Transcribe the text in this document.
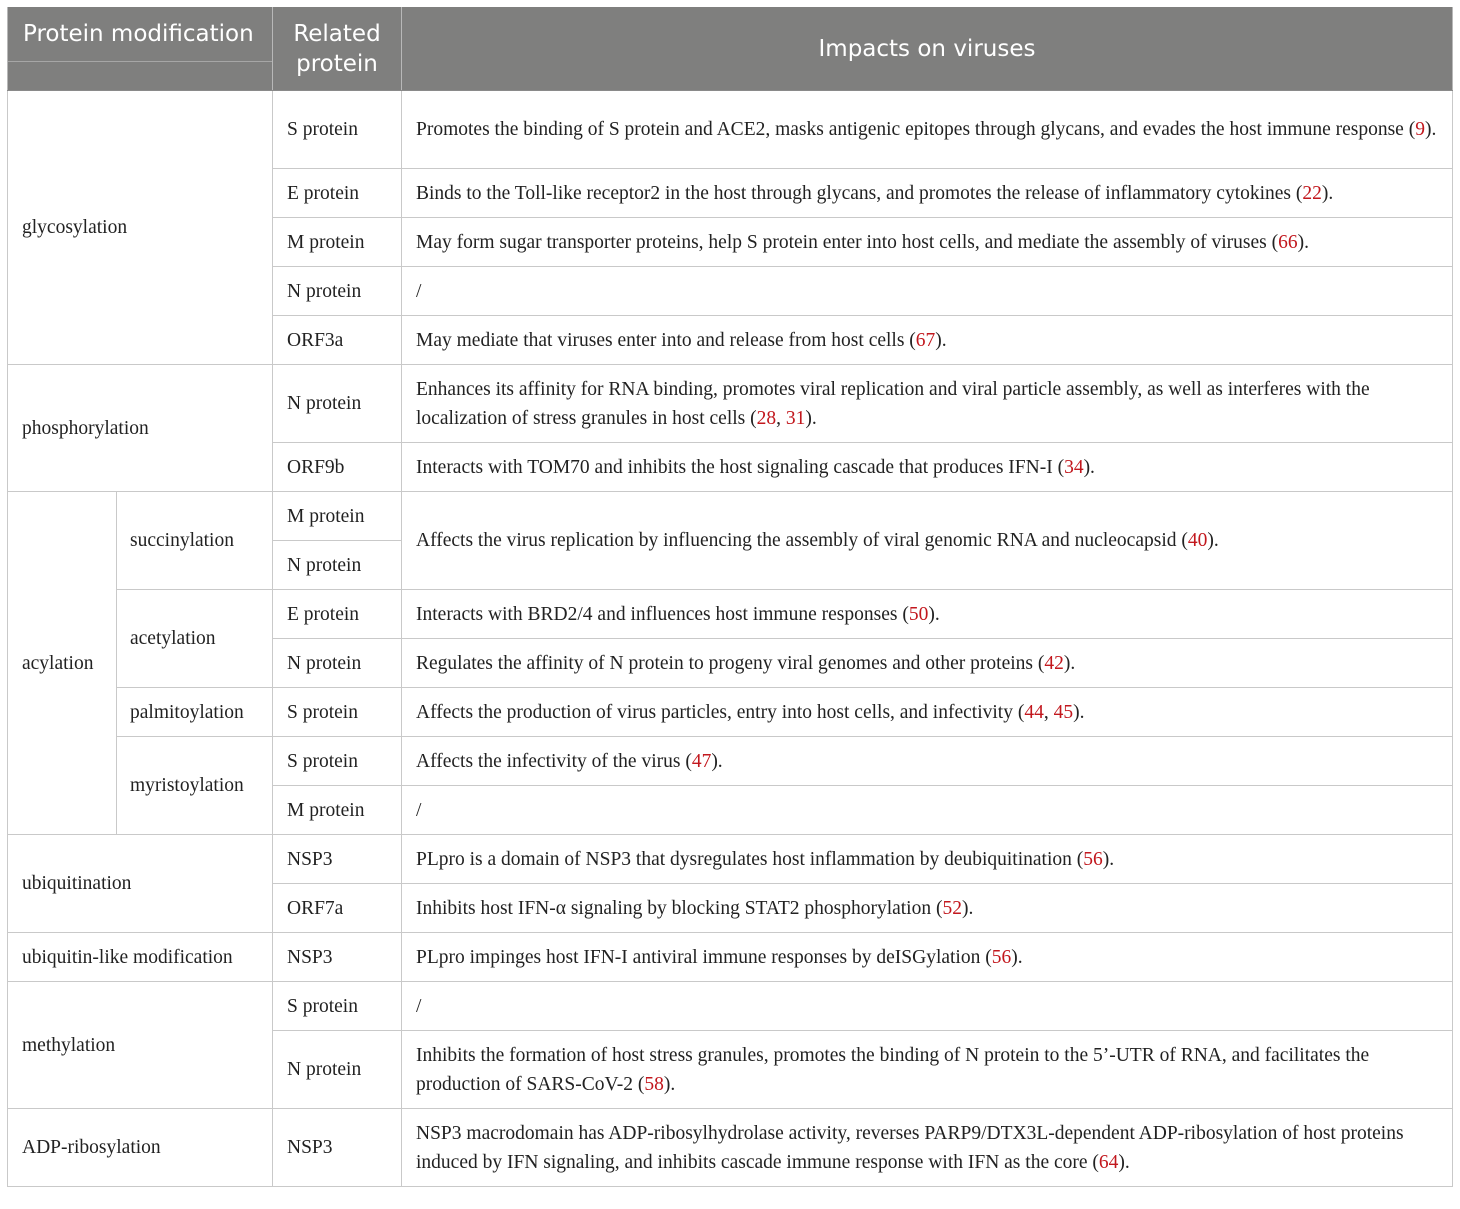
Protein modification		Related protein	Impacts on viruses
glycosylation		S protein	Promotes the binding of S protein and ACE2, masks antigenic epitopes through glycans, and evades the host immune response (9).
		E protein	Binds to the Toll-like receptor2 in the host through glycans, and promotes the release of inflammatory cytokines (22).
		M protein	May form sugar transporter proteins, help S protein enter into host cells, and mediate the assembly of viruses (66).
		N protein	/
		ORF3a	May mediate that viruses enter into and release from host cells (67).
phosphorylation		N protein	Enhances its affinity for RNA binding, promotes viral replication and viral particle assembly, as well as interferes with the localization of stress granules in host cells (28, 31).
		ORF9b	Interacts with TOM70 and inhibits the host signaling cascade that produces IFN-I (34).
acylation	succinylation	M protein	Affects the virus replication by influencing the assembly of viral genomic RNA and nucleocapsid (40).
		N protein	
	acetylation	E protein	Interacts with BRD2/4 and influences host immune responses (50).
		N protein	Regulates the affinity of N protein to progeny viral genomes and other proteins (42).
	palmitoylation	S protein	Affects the production of virus particles, entry into host cells, and infectivity (44, 45).
	myristoylation	S protein	Affects the infectivity of the virus (47).
		M protein	/
ubiquitination		NSP3	PLpro is a domain of NSP3 that dysregulates host inflammation by deubiquitination (56).
		ORF7a	Inhibits host IFN-α signaling by blocking STAT2 phosphorylation (52).
ubiquitin-like modification		NSP3	PLpro impinges host IFN-I antiviral immune responses by deISGylation (56).
methylation		S protein	/
		N protein	Inhibits the formation of host stress granules, promotes the binding of N protein to the 5’-UTR of RNA, and facilitates the production of SARS-CoV-2 (58).
ADP-ribosylation		NSP3	NSP3 macrodomain has ADP-ribosylhydrolase activity, reverses PARP9/DTX3L-dependent ADP-ribosylation of host proteins induced by IFN signaling, and inhibits cascade immune response with IFN as the core (64).
